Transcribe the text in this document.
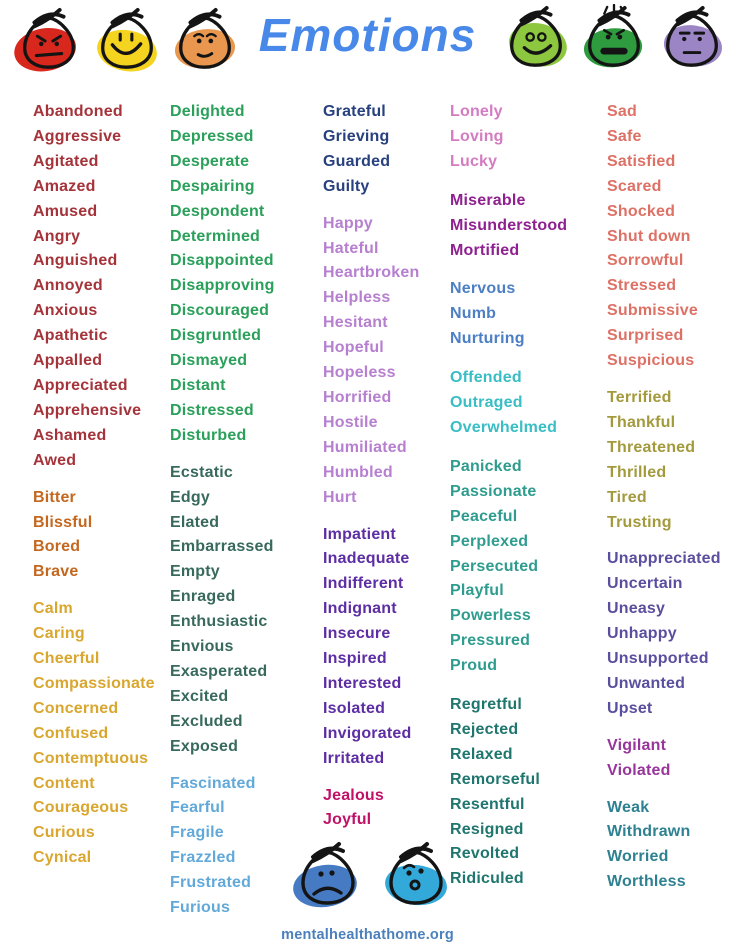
Emotions
Abandoned
Aggressive
Agitated
Amazed
Amused
Angry
Anguished
Annoyed
Anxious
Apathetic
Appalled
Appreciated
Apprehensive
Ashamed
Awed
Bitter
Blissful
Bored
Brave
Calm
Caring
Cheerful
Compassionate
Concerned
Confused
Contemptuous
Content
Courageous
Curious
Cynical
Delighted
Depressed
Desperate
Despairing
Despondent
Determined
Disappointed
Disapproving
Discouraged
Disgruntled
Dismayed
Distant
Distressed
Disturbed
Ecstatic
Edgy
Elated
Embarrassed
Empty
Enraged
Enthusiastic
Envious
Exasperated
Excited
Excluded
Exposed
Fascinated
Fearful
Fragile
Frazzled
Frustrated
Furious
Grateful
Grieving
Guarded
Guilty
Happy
Hateful
Heartbroken
Helpless
Hesitant
Hopeful
Hopeless
Horrified
Hostile
Humiliated
Humbled
Hurt
Impatient
Inadequate
Indifferent
Indignant
Insecure
Inspired
Interested
Isolated
Invigorated
Irritated
Jealous
Joyful
Lonely
Loving
Lucky
Miserable
Misunderstood
Mortified
Nervous
Numb
Nurturing
Offended
Outraged
Overwhelmed
Panicked
Passionate
Peaceful
Perplexed
Persecuted
Playful
Powerless
Pressured
Proud
Regretful
Rejected
Relaxed
Remorseful
Resentful
Resigned
Revolted
Ridiculed
Sad
Safe
Satisfied
Scared
Shocked
Shut down
Sorrowful
Stressed
Submissive
Surprised
Suspicious
Terrified
Thankful
Threatened
Thrilled
Tired
Trusting
Unappreciated
Uncertain
Uneasy
Unhappy
Unsupported
Unwanted
Upset
Vigilant
Violated
Weak
Withdrawn
Worried
Worthless
mentalhealthathome.org
